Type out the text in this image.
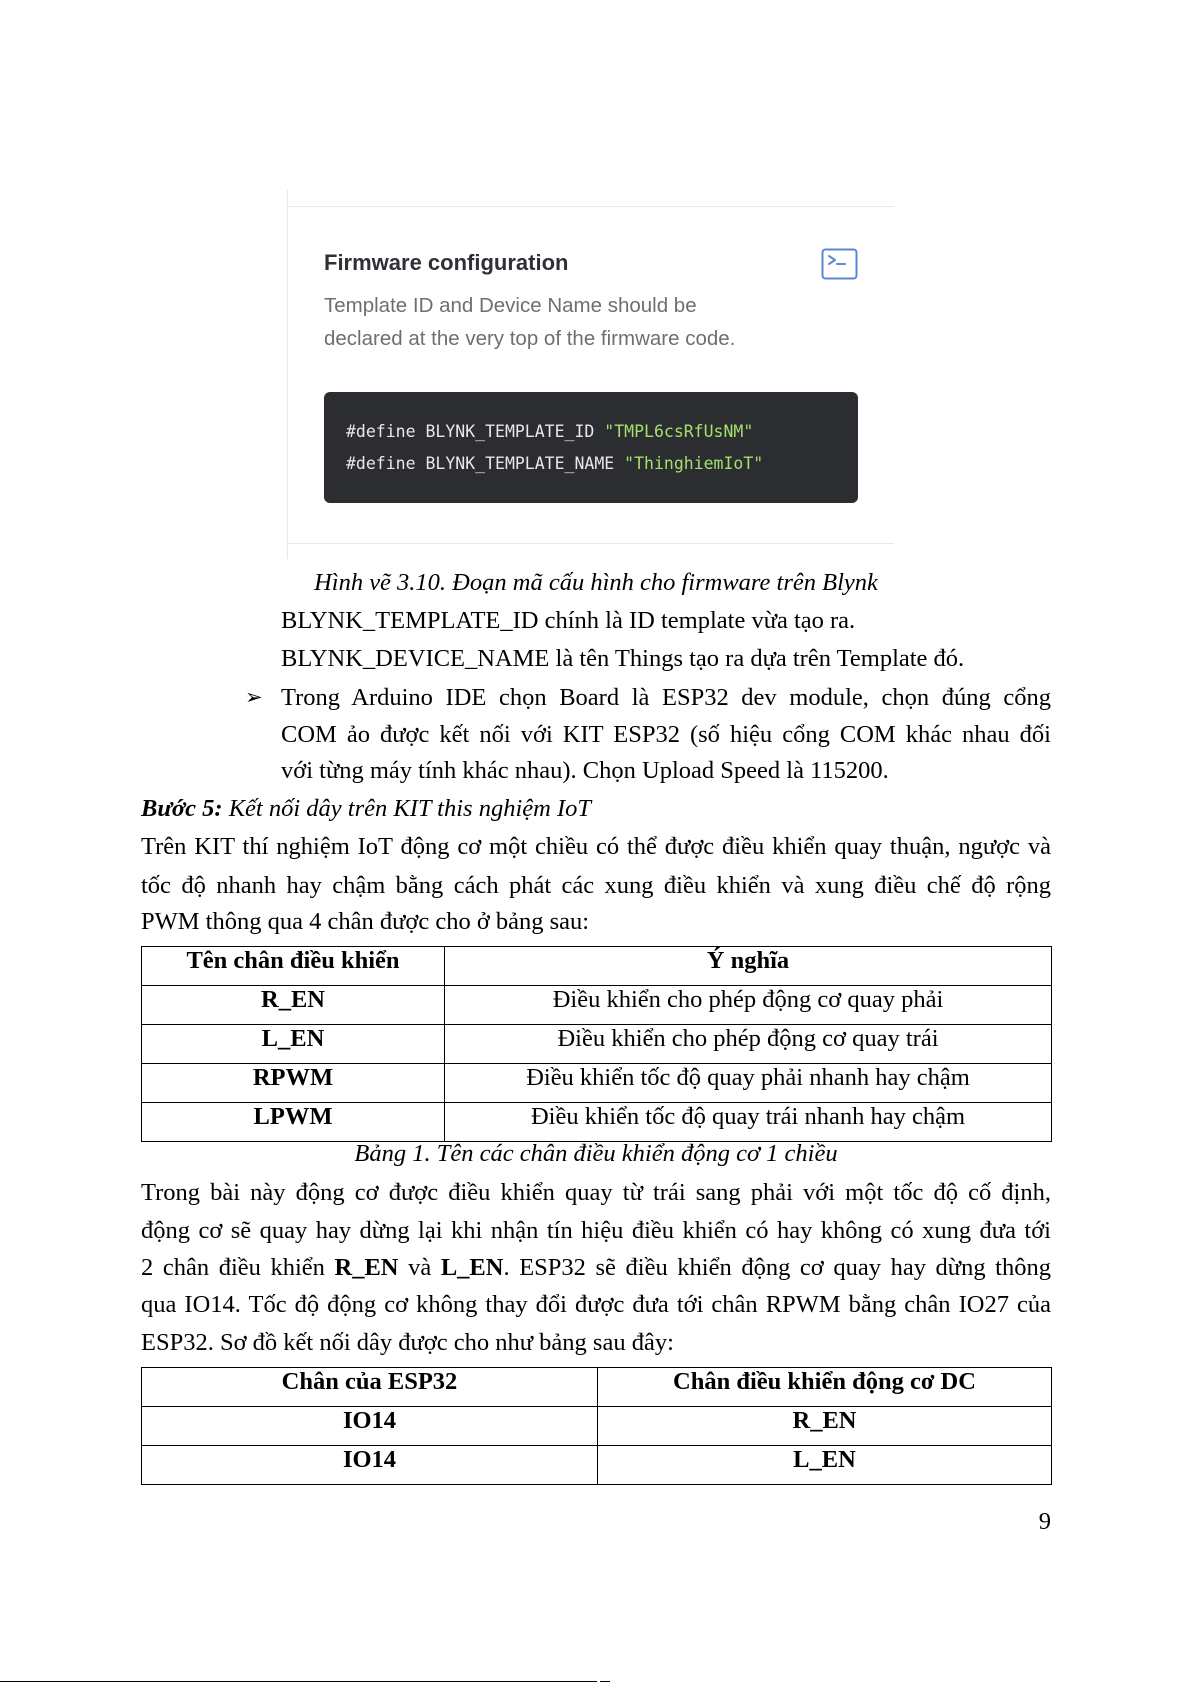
Firmware configuration
Template ID and Device Name should be
declared at the very top of the firmware code.
#define BLYNK_TEMPLATE_ID "TMPL6csRfUsNM"
#define BLYNK_TEMPLATE_NAME "ThinghiemIoT"
Hình vẽ 3.10. Đoạn mã cấu hình cho firmware trên Blynk
BLYNK_TEMPLATE_ID chính là ID template vừa tạo ra.
BLYNK_DEVICE_NAME là tên Things tạo ra dựa trên Template đó.
➢
Trong Arduino IDE chọn Board là ESP32 dev module, chọn đúng cổng
COM ảo được kết nối với KIT ESP32 (số hiệu cổng COM khác nhau đối
với từng máy tính khác nhau). Chọn Upload Speed là 115200.
Bước 5: Kết nối dây trên KIT this nghiệm IoT
Trên KIT thí nghiệm IoT động cơ một chiều có thể được điều khiển quay thuận, ngược và
tốc độ nhanh hay chậm bằng cách phát các xung điều khiển và xung điều chế độ rộng
PWM thông qua 4 chân được cho ở bảng sau:
Tên chân điều khiển	Ý nghĩa
R_EN	Điều khiển cho phép động cơ quay phải
L_EN	Điều khiển cho phép động cơ quay trái
RPWM	Điều khiển tốc độ quay phải nhanh hay chậm
LPWM	Điều khiển tốc độ quay trái nhanh hay chậm
Bảng 1. Tên các chân điều khiển động cơ 1 chiều
Trong bài này động cơ được điều khiển quay từ trái sang phải với một tốc độ cố định,
động cơ sẽ quay hay dừng lại khi nhận tín hiệu điều khiển có hay không có xung đưa tới
2 chân điều khiển R_EN và L_EN. ESP32 sẽ điều khiển động cơ quay hay dừng thông
qua IO14. Tốc độ động cơ không thay đổi được đưa tới chân RPWM bằng chân IO27 của
ESP32. Sơ đồ kết nối dây được cho như bảng sau đây:
Chân của ESP32	Chân điều khiển động cơ DC
IO14	R_EN
IO14	L_EN
9
